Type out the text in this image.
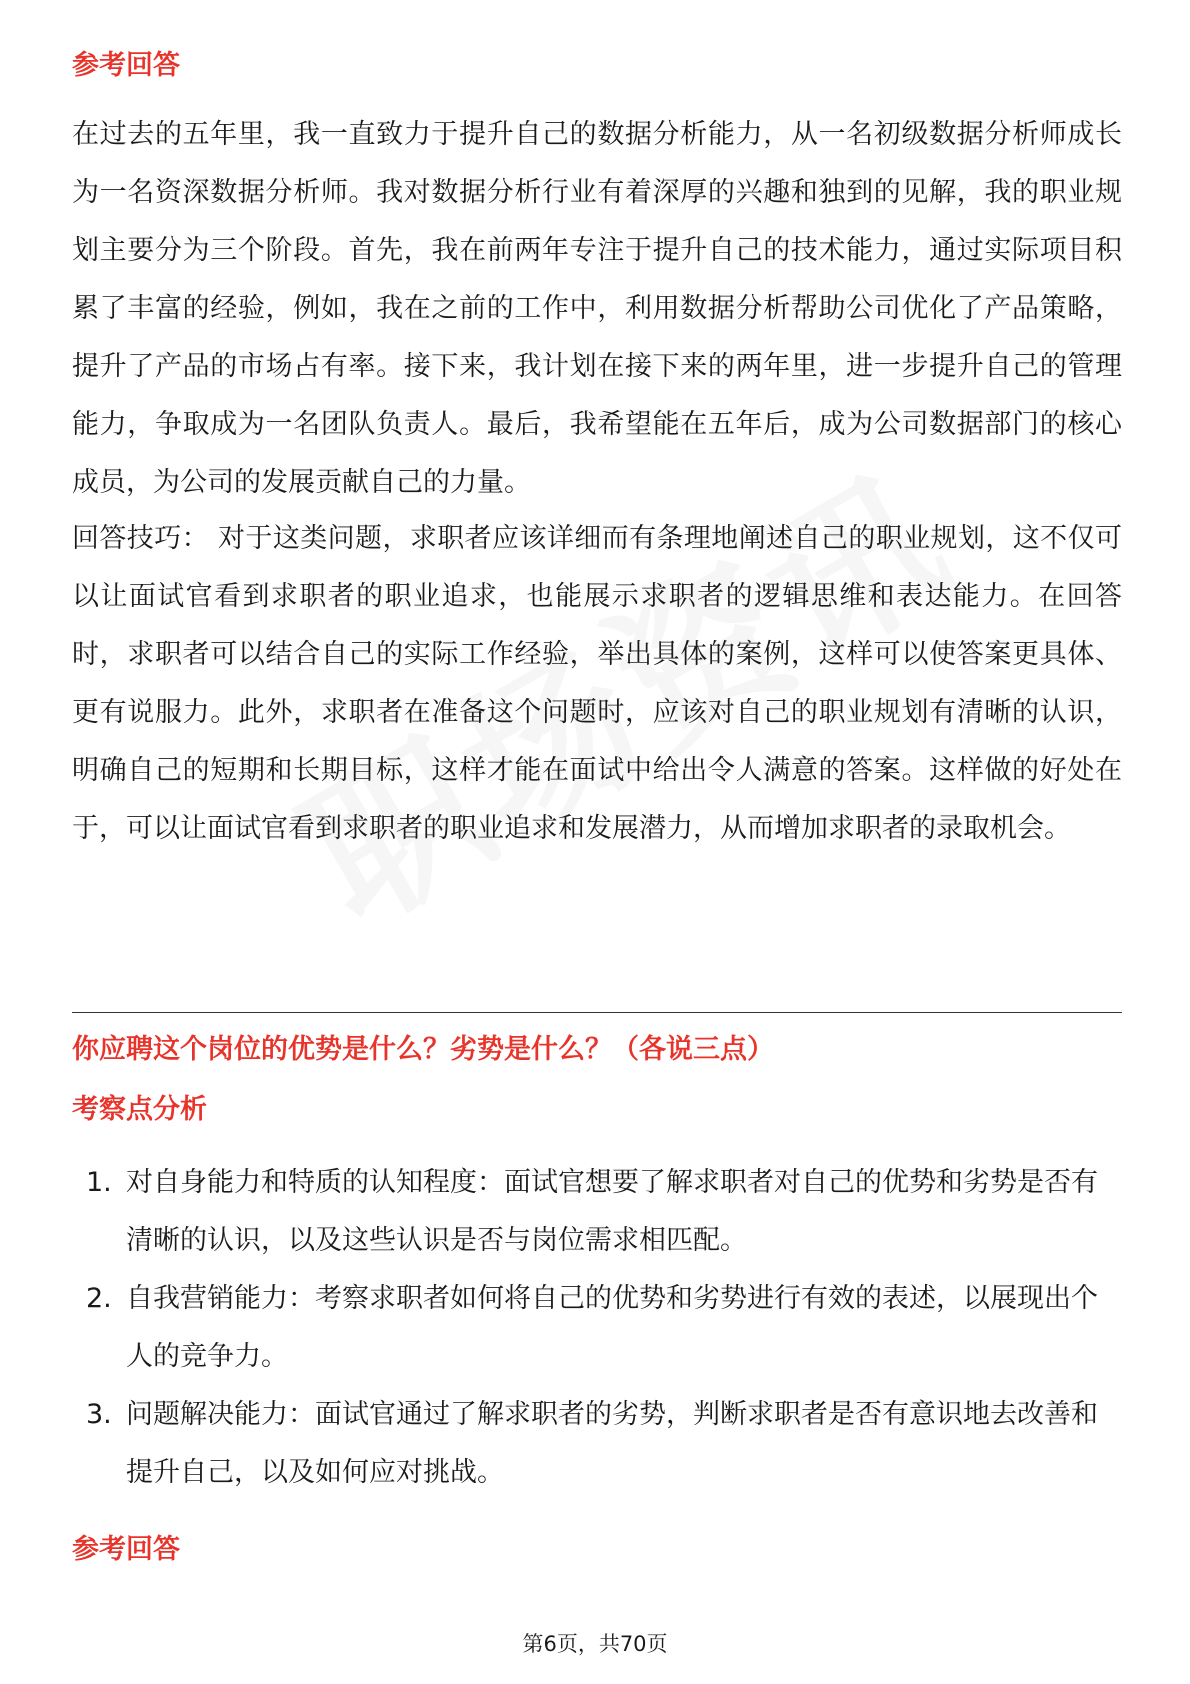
参考回答
在过去的五年里，我一直致力于提升自己的数据分析能力，从一名初级数据分析师成长为一名资深数据分析师。我对数据分析行业有着深厚的兴趣和独到的见解，我的职业规划主要分为三个阶段。首先，我在前两年专注于提升自己的技术能力，通过实际项目积累了丰富的经验，例如，我在之前的工作中，利用数据分析帮助公司优化了产品策略，提升了产品的市场占有率。接下来，我计划在接下来的两年里，进一步提升自己的管理能力，争取成为一名团队负责人。最后，我希望能在五年后，成为公司数据部门的核心成员，为公司的发展贡献自己的力量。
回答技巧： 对于这类问题，求职者应该详细而有条理地阐述自己的职业规划，这不仅可以让面试官看到求职者的职业追求，也能展示求职者的逻辑思维和表达能力。在回答时，求职者可以结合自己的实际工作经验，举出具体的案例，这样可以使答案更具体、更有说服力。此外，求职者在准备这个问题时，应该对自己的职业规划有清晰的认识，明确自己的短期和长期目标，这样才能在面试中给出令人满意的答案。这样做的好处在于，可以让面试官看到求职者的职业追求和发展潜力，从而增加求职者的录取机会。
你应聘这个岗位的优势是什么？劣势是什么？（各说三点）
考察点分析
1. 对自身能力和特质的认知程度：面试官想要了解求职者对自己的优势和劣势是否有清晰的认识，以及这些认识是否与岗位需求相匹配。
2. 自我营销能力：考察求职者如何将自己的优势和劣势进行有效的表述，以展现出个人的竞争力。
3. 问题解决能力：面试官通过了解求职者的劣势，判断求职者是否有意识地去改善和提升自己，以及如何应对挑战。
参考回答
第6页，共70页
